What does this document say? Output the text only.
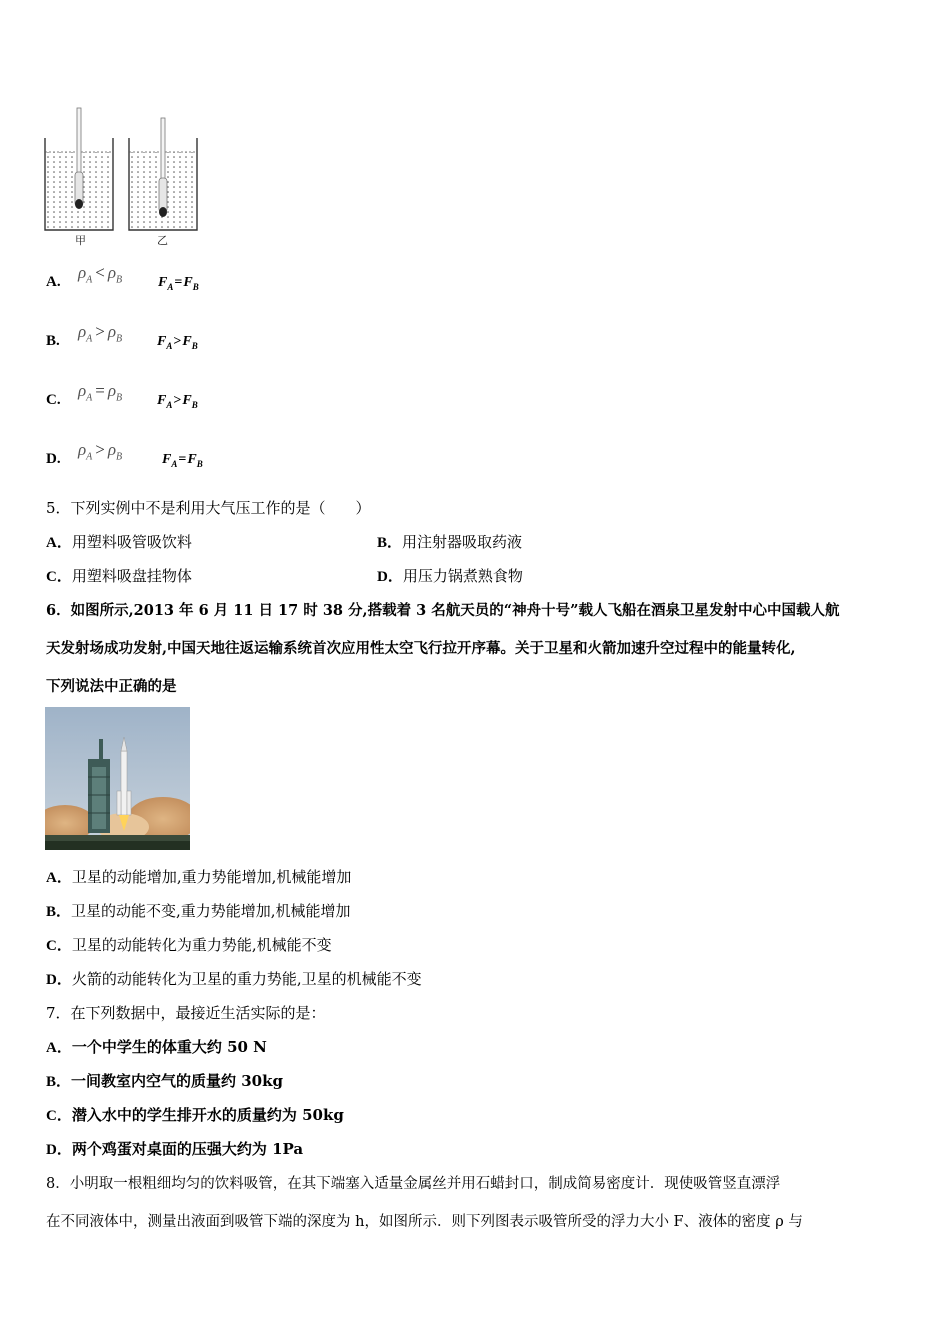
甲	乙
A. $\rho_A < \rho_B$	$F_A=F_B$
B. $\rho_A > \rho_B$ $F_A>F_B$
C. $\rho_A = \rho_B$ $F_A>F_B$
D. $\rho_A > \rho_B$	$F_A=F_B$
5．下列实例中不是利用大气压工作的是（　　）
A．用塑料吸管吸饮料	B．用注射器吸取药液
C．用塑料吸盘挂物体	D．用压力锅煮熟食物
6．如图所示,2013 年 6 月 11 日 17 时 38 分,搭载着 3 名航天员的“神舟十号”载人飞船在酒泉卫星发射中心中国载人航
天发射场成功发射,中国天地往返运输系统首次应用性太空飞行拉开序幕。关于卫星和火箭加速升空过程中的能量转化,
下列说法中正确的是
A．卫星的动能增加,重力势能增加,机械能增加
B．卫星的动能不变,重力势能增加,机械能增加
C．卫星的动能转化为重力势能,机械能不变
D．火箭的动能转化为卫星的重力势能,卫星的机械能不变
7．在下列数据中，最接近生活实际的是：
A．一个中学生的体重大约 50 N
B．一间教室内空气的质量约 30kg
C．潜入水中的学生排开水的质量约为 50kg
D．两个鸡蛋对桌面的压强大约为 1Pa
8．小明取一根粗细均匀的饮料吸管，在其下端塞入适量金属丝并用石蜡封口，制成简易密度计．现使吸管竖直漂浮
在不同液体中，测量出液面到吸管下端的深度为 h，如图所示．则下列图表示吸管所受的浮力大小 F、液体的密度 ρ 与
